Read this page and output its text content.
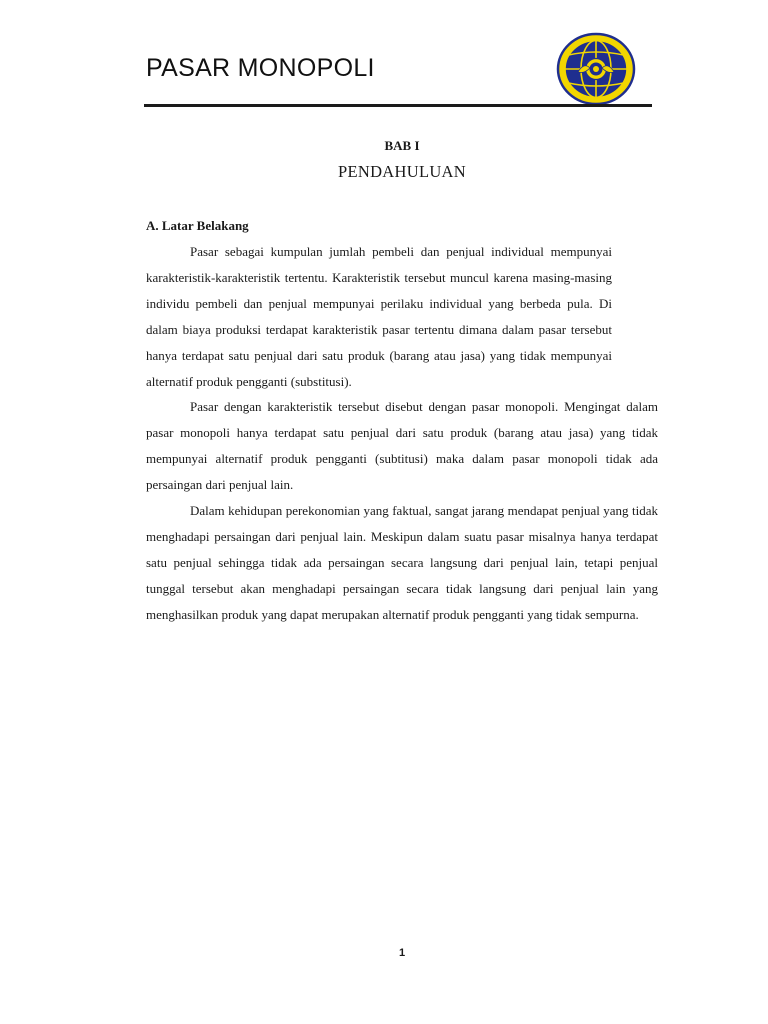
PASAR MONOPOLI
BAB I
PENDAHULUAN
A. Latar Belakang

Pasar sebagai kumpulan jumlah pembeli dan penjual individual mempunyai karakteristik-karakteristik tertentu. Karakteristik tersebut muncul karena masing-masing individu pembeli dan penjual mempunyai perilaku individual yang berbeda pula. Di dalam biaya produksi terdapat karakteristik pasar tertentu dimana dalam pasar tersebut hanya terdapat satu penjual dari satu produk (barang atau jasa) yang tidak mempunyai alternatif produk pengganti (substitusi).

Pasar dengan karakteristik tersebut disebut dengan pasar monopoli. Mengingat dalam pasar monopoli hanya terdapat satu penjual dari satu produk (barang atau jasa) yang tidak mempunyai alternatif produk pengganti (subtitusi) maka dalam pasar monopoli tidak ada persaingan dari penjual lain.

Dalam kehidupan perekonomian yang faktual, sangat jarang mendapat penjual yang tidak menghadapi persaingan dari penjual lain. Meskipun dalam suatu pasar misalnya hanya terdapat satu penjual sehingga tidak ada persaingan secara langsung dari penjual lain, tetapi penjual tunggal tersebut akan menghadapi persaingan secara tidak langsung dari penjual lain yang menghasilkan produk yang dapat merupakan alternatif produk pengganti yang tidak sempurna.

1
